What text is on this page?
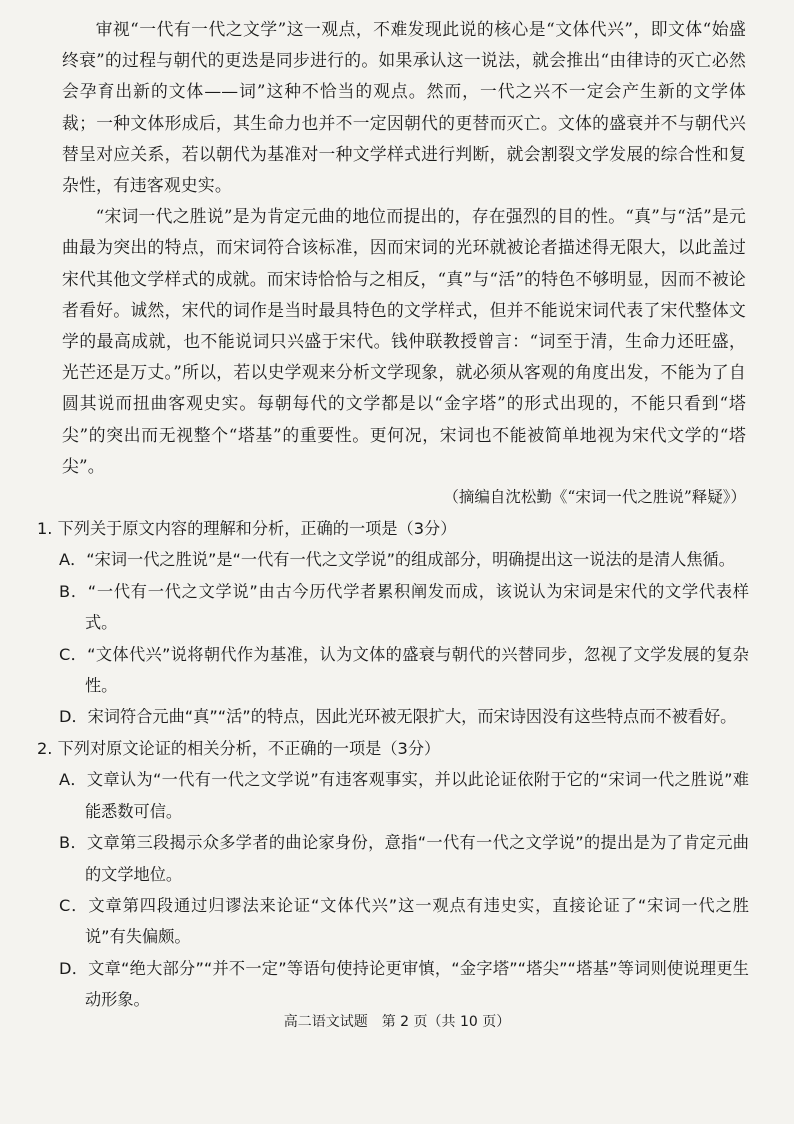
审视“一代有一代之文学”这一观点，不难发现此说的核心是“文体代兴”，即文体“始盛终衰”的过程与朝代的更迭是同步进行的。如果承认这一说法，就会推出“由律诗的灭亡必然会孕育出新的文体——词”这种不恰当的观点。然而，一代之兴不一定会产生新的文学体裁；一种文体形成后，其生命力也并不一定因朝代的更替而灭亡。文体的盛衰并不与朝代兴替呈对应关系，若以朝代为基准对一种文学样式进行判断，就会割裂文学发展的综合性和复杂性，有违客观史实。

“宋词一代之胜说”是为肯定元曲的地位而提出的，存在强烈的目的性。“真”与“活”是元曲最为突出的特点，而宋词符合该标准，因而宋词的光环就被论者描述得无限大，以此盖过宋代其他文学样式的成就。而宋诗恰恰与之相反，“真”与“活”的特色不够明显，因而不被论者看好。诚然，宋代的词作是当时最具特色的文学样式，但并不能说宋词代表了宋代整体文学的最高成就，也不能说词只兴盛于宋代。钱仲联教授曾言：“词至于清，生命力还旺盛，光芒还是万丈。”所以，若以史学观来分析文学现象，就必须从客观的角度出发，不能为了自圆其说而扭曲客观史实。每朝每代的文学都是以“金字塔”的形式出现的，不能只看到“塔尖”的突出而无视整个“塔基”的重要性。更何况，宋词也不能被简单地视为宋代文学的“塔尖”。

（摘编自沈松勤《“宋词一代之胜说”释疑》）

1. 下列关于原文内容的理解和分析，正确的一项是（3分）

A．“宋词一代之胜说”是“一代有一代之文学说”的组成部分，明确提出这一说法的是清人焦循。

B．“一代有一代之文学说”由古今历代学者累积阐发而成，该说认为宋词是宋代的文学代表样式。

C．“文体代兴”说将朝代作为基准，认为文体的盛衰与朝代的兴替同步，忽视了文学发展的复杂性。

D．宋词符合元曲“真”“活”的特点，因此光环被无限扩大，而宋诗因没有这些特点而不被看好。

2. 下列对原文论证的相关分析，不正确的一项是（3分）

A．文章认为“一代有一代之文学说”有违客观事实，并以此论证依附于它的“宋词一代之胜说”难能悉数可信。

B．文章第三段揭示众多学者的曲论家身份，意指“一代有一代之文学说”的提出是为了肯定元曲的文学地位。

C．文章第四段通过归谬法来论证“文体代兴”这一观点有违史实，直接论证了“宋词一代之胜说”有失偏颇。

D．文章“绝大部分”“并不一定”等语句使持论更审慎，“金字塔”“塔尖”“塔基”等词则使说理更生动形象。

高二语文试题　第 2 页（共 10 页）
